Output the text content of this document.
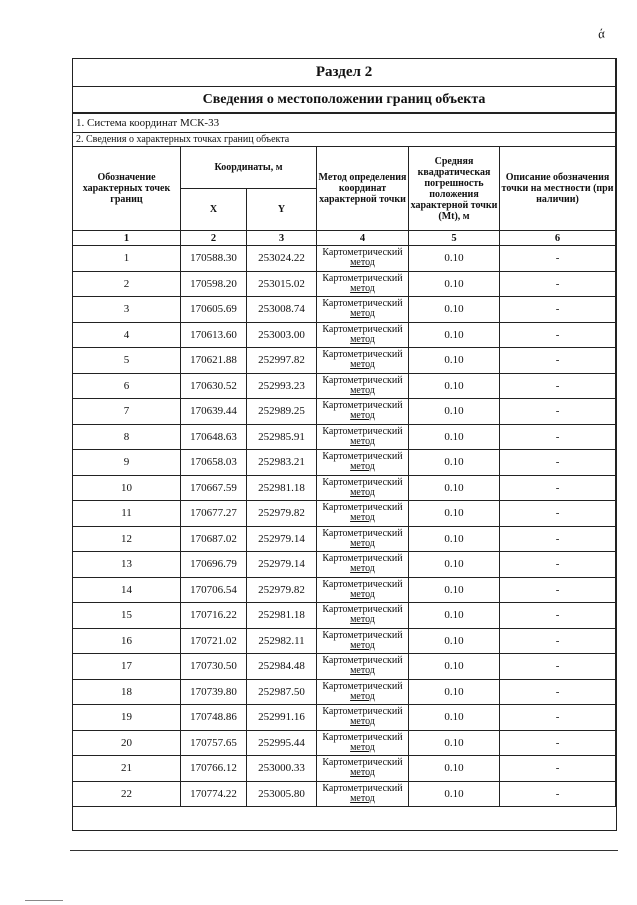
ά
Раздел 2					
Сведения о местоположении границ объекта					
1. Система координат МСК-33					
2. Сведения о характерных точках границ объекта					
Обозначение характерных точек границ	Координаты, м		Метод определения координат характерной точки	Средняя квадратическая погрешность положения характерной точки (Mt), м	Описание обозначения точки на местности (при наличии)
	X	Y			
1	2	3	4	5	6
1	170588.30	253024.22	Картометрический
метод	0.10	-
2	170598.20	253015.02	Картометрический
метод	0.10	-
3	170605.69	253008.74	Картометрический
метод	0.10	-
4	170613.60	253003.00	Картометрический
метод	0.10	-
5	170621.88	252997.82	Картометрический
метод	0.10	-
6	170630.52	252993.23	Картометрический
метод	0.10	-
7	170639.44	252989.25	Картометрический
метод	0.10	-
8	170648.63	252985.91	Картометрический
метод	0.10	-
9	170658.03	252983.21	Картометрический
метод	0.10	-
10	170667.59	252981.18	Картометрический
метод	0.10	-
11	170677.27	252979.82	Картометрический
метод	0.10	-
12	170687.02	252979.14	Картометрический
метод	0.10	-
13	170696.79	252979.14	Картометрический
метод	0.10	-
14	170706.54	252979.82	Картометрический
метод	0.10	-
15	170716.22	252981.18	Картометрический
метод	0.10	-
16	170721.02	252982.11	Картометрический
метод	0.10	-
17	170730.50	252984.48	Картометрический
метод	0.10	-
18	170739.80	252987.50	Картометрический
метод	0.10	-
19	170748.86	252991.16	Картометрический
метод	0.10	-
20	170757.65	252995.44	Картометрический
метод	0.10	-
21	170766.12	253000.33	Картометрический
метод	0.10	-
22	170774.22	253005.80	Картометрический
метод	0.10	-
